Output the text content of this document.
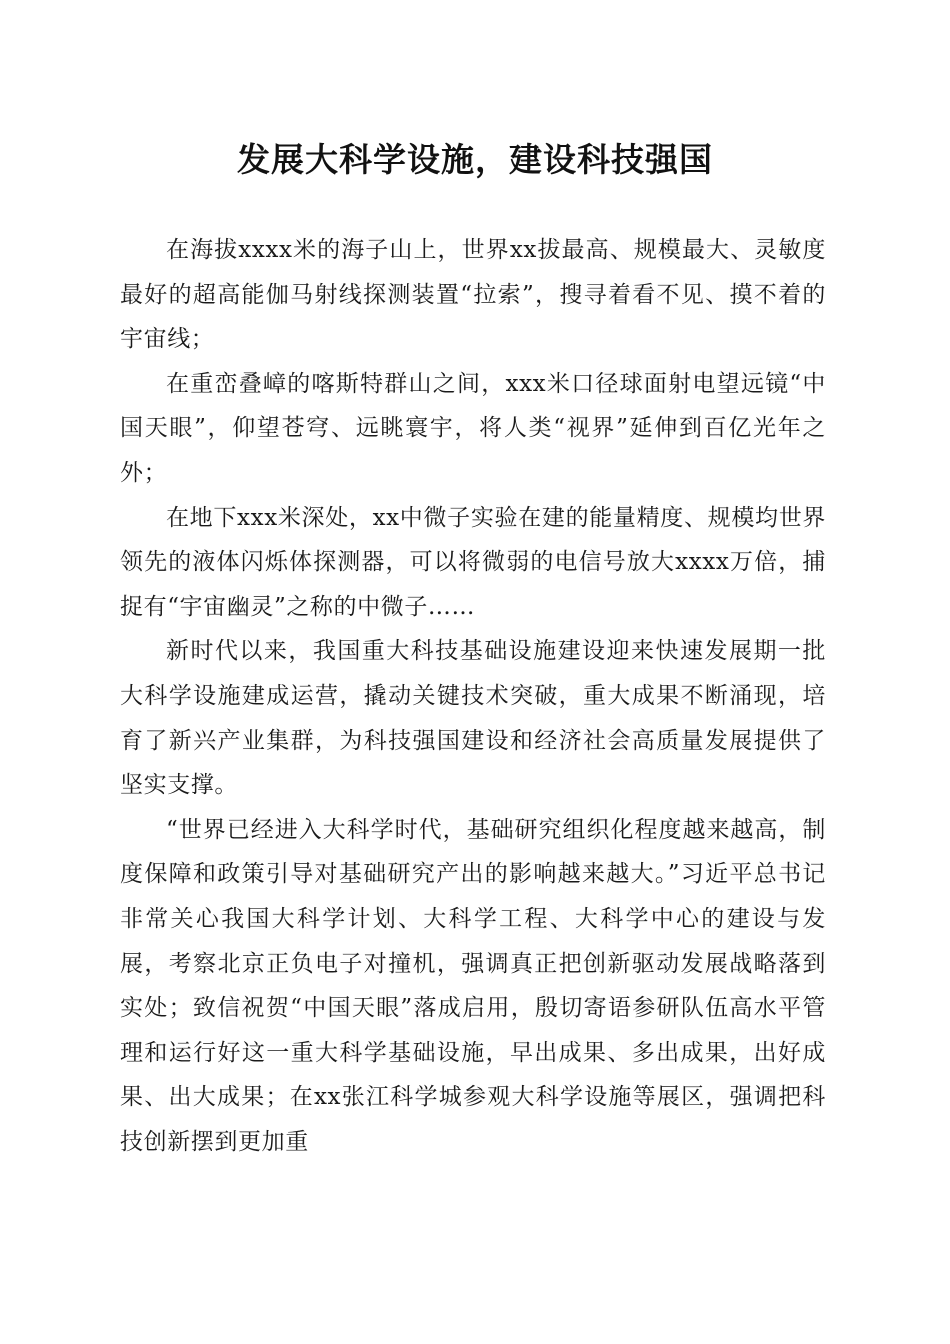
发展大科学设施，建设科技强国

在海拔xxxx米的海子山上，世界xx拔最高、规模最大、灵敏度最好的超高能伽马射线探测装置“拉索”，搜寻着看不见、摸不着的宇宙线；

在重峦叠嶂的喀斯特群山之间，xxx米口径球面射电望远镜“中国天眼”，仰望苍穹、远眺寰宇，将人类“视界”延伸到百亿光年之外；

在地下xxx米深处，xx中微子实验在建的能量精度、规模均世界领先的液体闪烁体探测器，可以将微弱的电信号放大xxxx万倍，捕捉有“宇宙幽灵”之称的中微子……

新时代以来，我国重大科技基础设施建设迎来快速发展期一批大科学设施建成运营，撬动关键技术突破，重大成果不断涌现，培育了新兴产业集群，为科技强国建设和经济社会高质量发展提供了坚实支撑。

“世界已经进入大科学时代，基础研究组织化程度越来越高，制度保障和政策引导对基础研究产出的影响越来越大。”习近平总书记非常关心我国大科学计划、大科学工程、大科学中心的建设与发展，考察北京正负电子对撞机，强调真正把创新驱动发展战略落到实处；致信祝贺“中国天眼”落成启用，殷切寄语参研队伍高水平管理和运行好这一重大科学基础设施，早出成果、多出成果，出好成果、出大成果；在xx张江科学城参观大科学设施等展区，强调把科技创新摆到更加重
